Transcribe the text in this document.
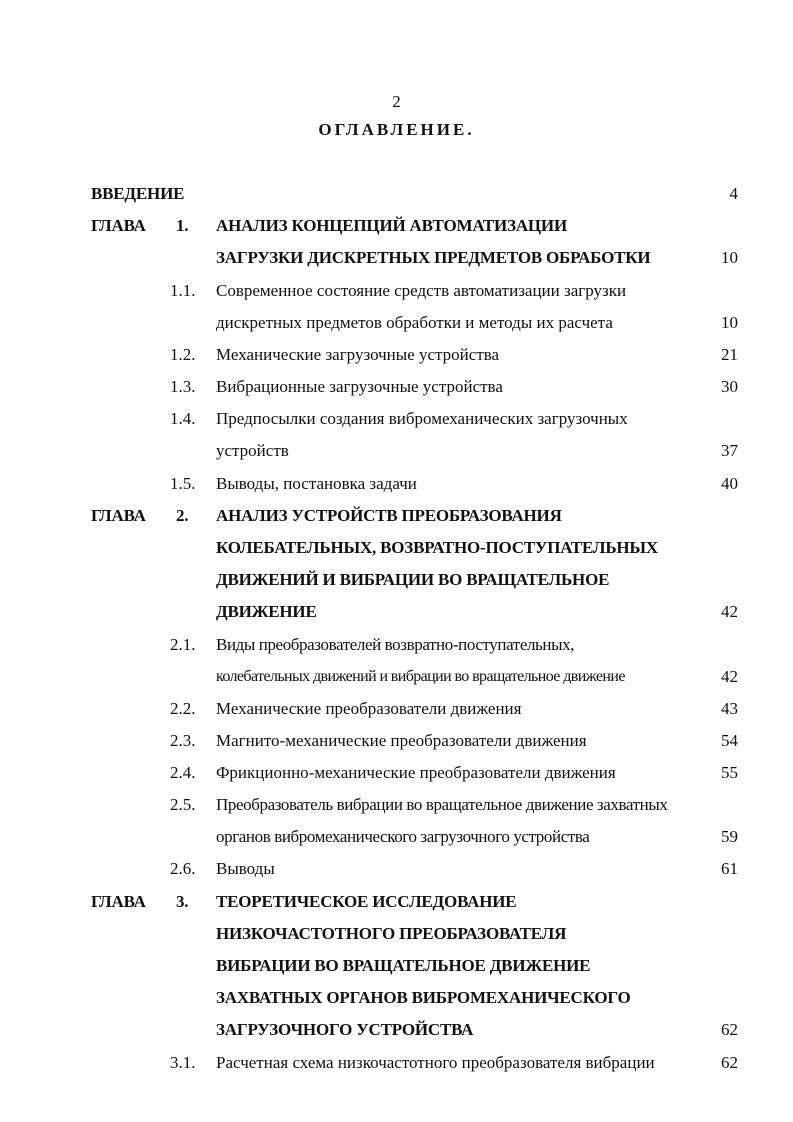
2
ОГЛАВЛЕНИЕ.
ВВЕДЕНИЕ	4
ГЛАВА 1. АНАЛИЗ КОНЦЕПЦИЙ АВТОМАТИЗАЦИИ
ЗАГРУЗКИ ДИСКРЕТНЫХ ПРЕДМЕТОВ ОБРАБОТКИ	10
1.1. Современное состояние средств автоматизации загрузки
дискретных предметов обработки и методы их расчета	10
1.2. Механические загрузочные устройства	21
1.3. Вибрационные загрузочные устройства	30
1.4. Предпосылки создания вибромеханических загрузочных
устройств	37
1.5. Выводы, постановка задачи	40
ГЛАВА 2. АНАЛИЗ УСТРОЙСТВ ПРЕОБРАЗОВАНИЯ
КОЛЕБАТЕЛЬНЫХ, ВОЗВРАТНО-ПОСТУПАТЕЛЬНЫХ
ДВИЖЕНИЙ И ВИБРАЦИИ ВО ВРАЩАТЕЛЬНОЕ
ДВИЖЕНИЕ	42
2.1. Виды преобразователей возвратно-поступательных,
колебательных движений и вибрации во вращательное движение	42
2.2. Механические преобразователи движения	43
2.3. Магнито-механические преобразователи движения	54
2.4. Фрикционно-механические преобразователи движения	55
2.5. Преобразователь вибрации во вращательное движение захватных
органов вибромеханического загрузочного устройства	59
2.6. Выводы	61
ГЛАВА 3. ТЕОРЕТИЧЕСКОЕ ИССЛЕДОВАНИЕ
НИЗКОЧАСТОТНОГО ПРЕОБРАЗОВАТЕЛЯ
ВИБРАЦИИ ВО ВРАЩАТЕЛЬНОЕ ДВИЖЕНИЕ
ЗАХВАТНЫХ ОРГАНОВ ВИБРОМЕХАНИЧЕСКОГО
ЗАГРУЗОЧНОГО УСТРОЙСТВА	62
3.1. Расчетная схема низкочастотного преобразователя вибрации	62
